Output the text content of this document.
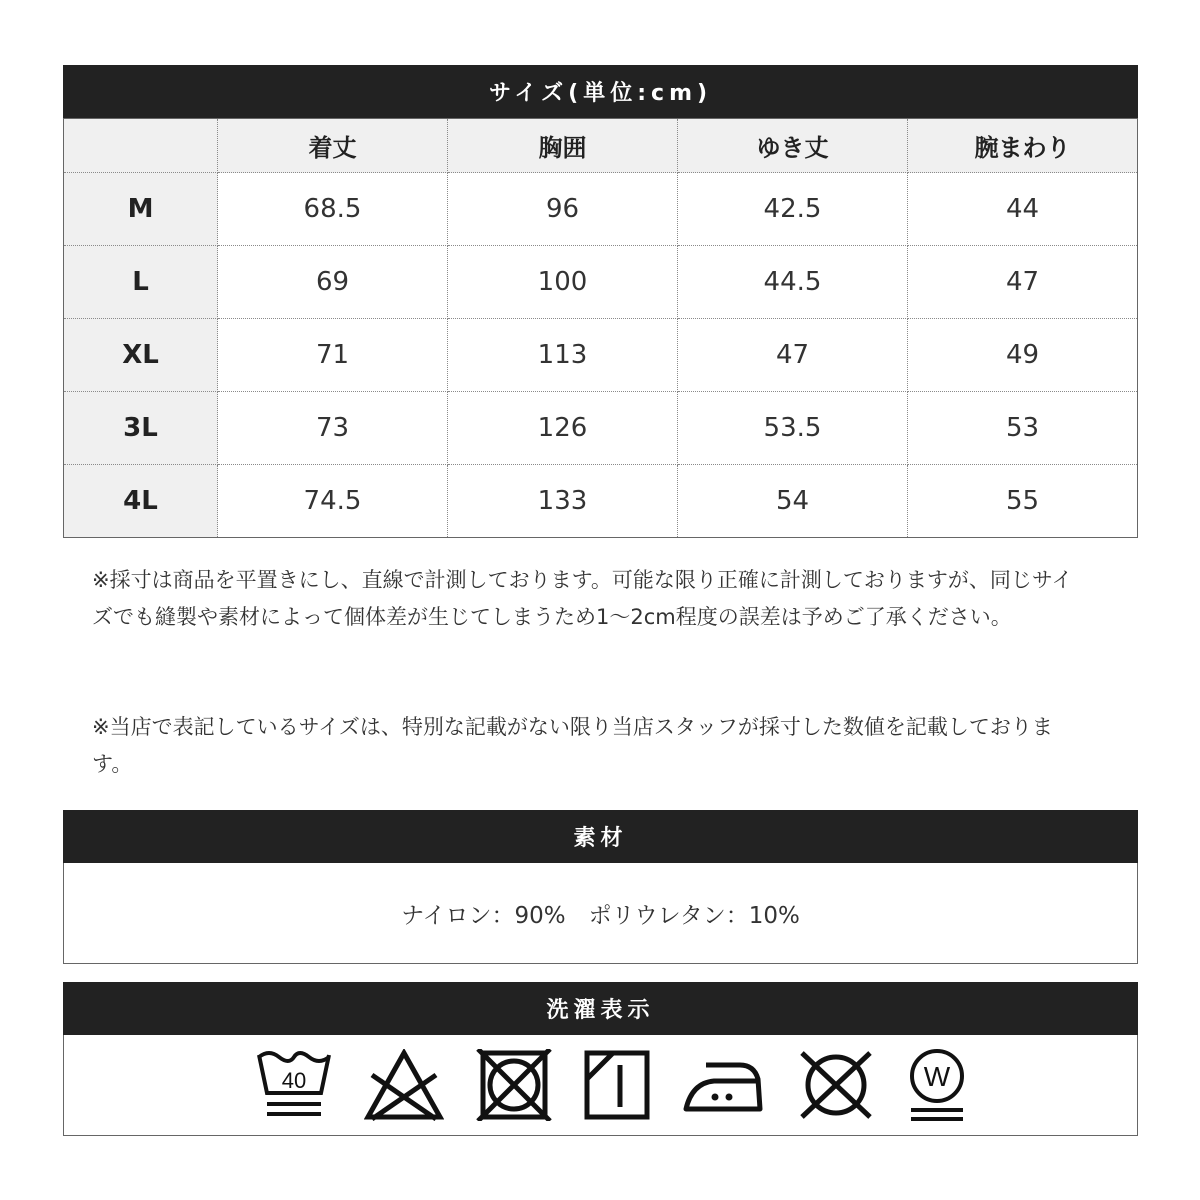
サイズ(単位:cm)
	着丈	胸囲	ゆき丈	腕まわり
M	68.5	96	42.5	44
L	69	100	44.5	47
XL	71	113	47	49
3L	73	126	53.5	53
4L	74.5	133	54	55
※採寸は商品を平置きにし、直線で計測しております。可能な限り正確に計測しておりますが、同じサイズでも縫製や素材によって個体差が生じてしまうため1〜2cm程度の誤差は予めご了承ください。
※当店で表記しているサイズは、特別な記載がない限り当店スタッフが採寸した数値を記載しております。
素材
ナイロン：90%　ポリウレタン：10%
洗濯表示
40	W
